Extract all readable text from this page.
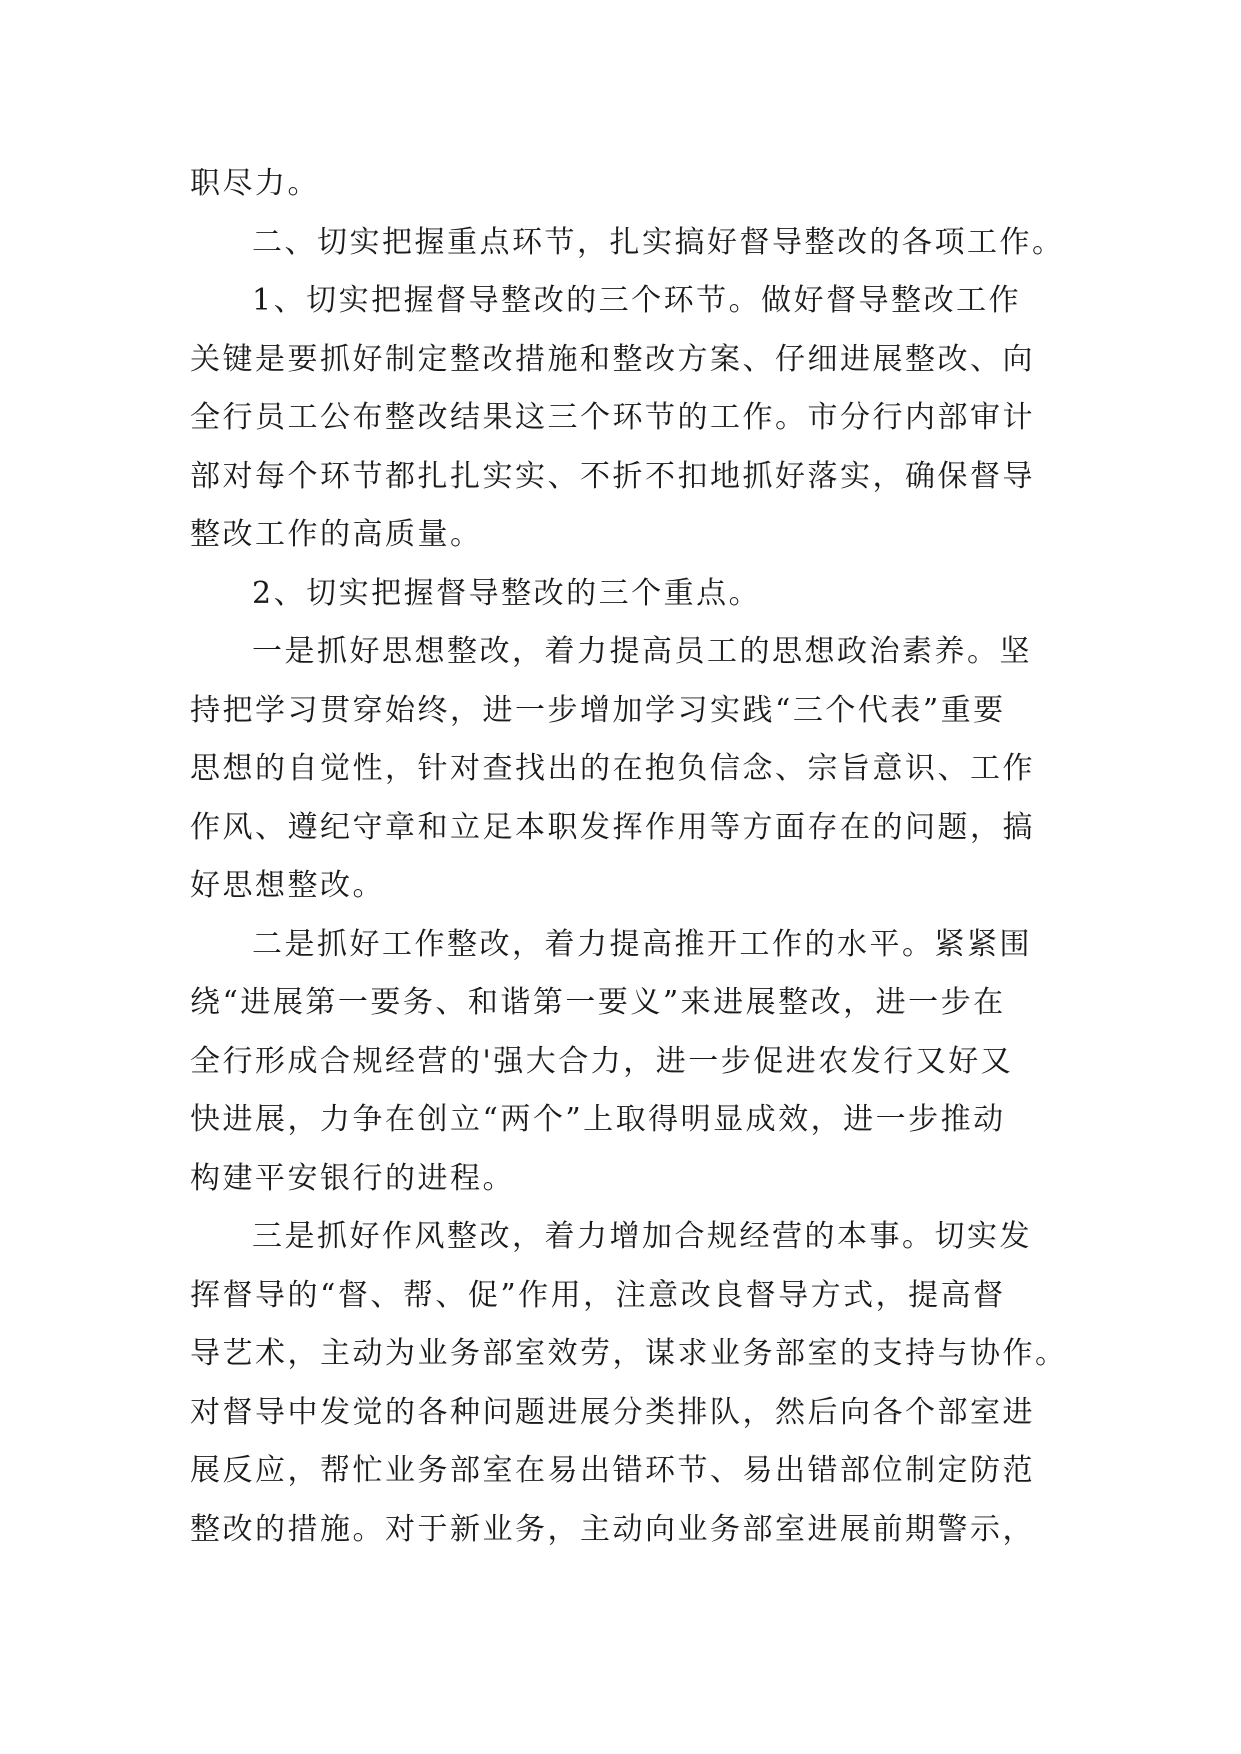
职尽力。
二、切实把握重点环节，扎实搞好督导整改的各项工作。
1、切实把握督导整改的三个环节。做好督导整改工作
关键是要抓好制定整改措施和整改方案、仔细进展整改、向
全行员工公布整改结果这三个环节的工作。市分行内部审计
部对每个环节都扎扎实实、不折不扣地抓好落实，确保督导
整改工作的高质量。
2、切实把握督导整改的三个重点。
一是抓好思想整改，着力提高员工的思想政治素养。坚
持把学习贯穿始终，进一步增加学习实践“三个代表”重要
思想的自觉性，针对查找出的在抱负信念、宗旨意识、工作
作风、遵纪守章和立足本职发挥作用等方面存在的问题，搞
好思想整改。
二是抓好工作整改，着力提高推开工作的水平。紧紧围
绕“进展第一要务、和谐第一要义”来进展整改，进一步在
全行形成合规经营的'强大合力，进一步促进农发行又好又
快进展，力争在创立“两个”上取得明显成效，进一步推动
构建平安银行的进程。
三是抓好作风整改，着力增加合规经营的本事。切实发
挥督导的“督、帮、促”作用，注意改良督导方式，提高督
导艺术，主动为业务部室效劳，谋求业务部室的支持与协作。
对督导中发觉的各种问题进展分类排队，然后向各个部室进
展反应，帮忙业务部室在易出错环节、易出错部位制定防范
整改的措施。对于新业务，主动向业务部室进展前期警示，
